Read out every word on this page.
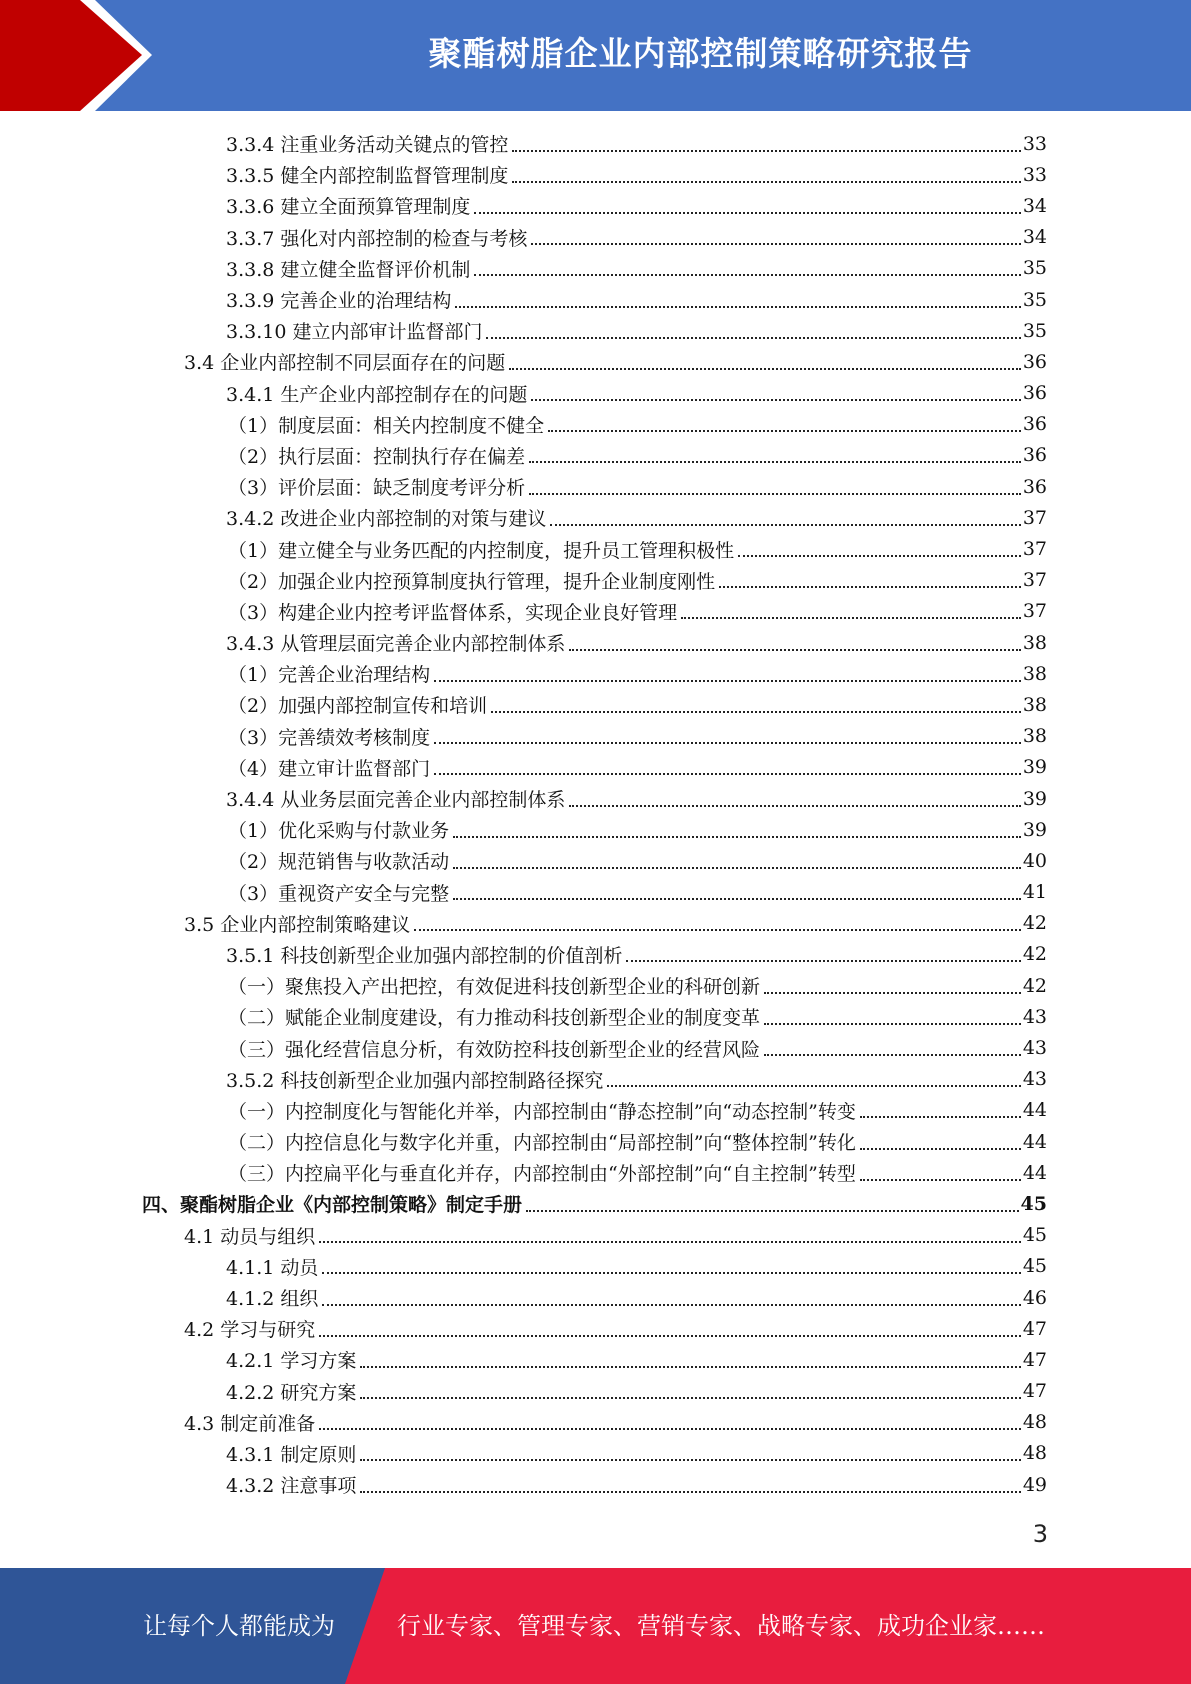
聚酯树脂企业内部控制策略研究报告
3.3.4 注重业务活动关键点的管控	33
3.3.5 健全内部控制监督管理制度	33
3.3.6 建立全面预算管理制度	34
3.3.7 强化对内部控制的检查与考核	34
3.3.8 建立健全监督评价机制	35
3.3.9 完善企业的治理结构	35
3.3.10 建立内部审计监督部门	35
3.4 企业内部控制不同层面存在的问题	36
3.4.1 生产企业内部控制存在的问题	36
（1）制度层面：相关内控制度不健全	36
（2）执行层面：控制执行存在偏差	36
（3）评价层面：缺乏制度考评分析	36
3.4.2 改进企业内部控制的对策与建议	37
（1）建立健全与业务匹配的内控制度，提升员工管理积极性	37
（2）加强企业内控预算制度执行管理，提升企业制度刚性	37
（3）构建企业内控考评监督体系，实现企业良好管理	37
3.4.3 从管理层面完善企业内部控制体系	38
（1）完善企业治理结构	38
（2）加强内部控制宣传和培训	38
（3）完善绩效考核制度	38
（4）建立审计监督部门	39
3.4.4 从业务层面完善企业内部控制体系	39
（1）优化采购与付款业务	39
（2）规范销售与收款活动	40
（3）重视资产安全与完整	41
3.5 企业内部控制策略建议	42
3.5.1 科技创新型企业加强内部控制的价值剖析	42
（一）聚焦投入产出把控，有效促进科技创新型企业的科研创新	42
（二）赋能企业制度建设，有力推动科技创新型企业的制度变革	43
（三）强化经营信息分析，有效防控科技创新型企业的经营风险	43
3.5.2 科技创新型企业加强内部控制路径探究	43
（一）内控制度化与智能化并举，内部控制由“静态控制”向“动态控制”转变	44
（二）内控信息化与数字化并重，内部控制由“局部控制”向“整体控制”转化	44
（三）内控扁平化与垂直化并存，内部控制由“外部控制”向“自主控制”转型	44
四、聚酯树脂企业《内部控制策略》制定手册	45
4.1 动员与组织	45
4.1.1 动员	45
4.1.2 组织	46
4.2 学习与研究	47
4.2.1 学习方案	47
4.2.2 研究方案	47
4.3 制定前准备	48
4.3.1 制定原则	48
4.3.2 注意事项	49
3
让每个人都能成为	行业专家、管理专家、营销专家、战略专家、成功企业家……
